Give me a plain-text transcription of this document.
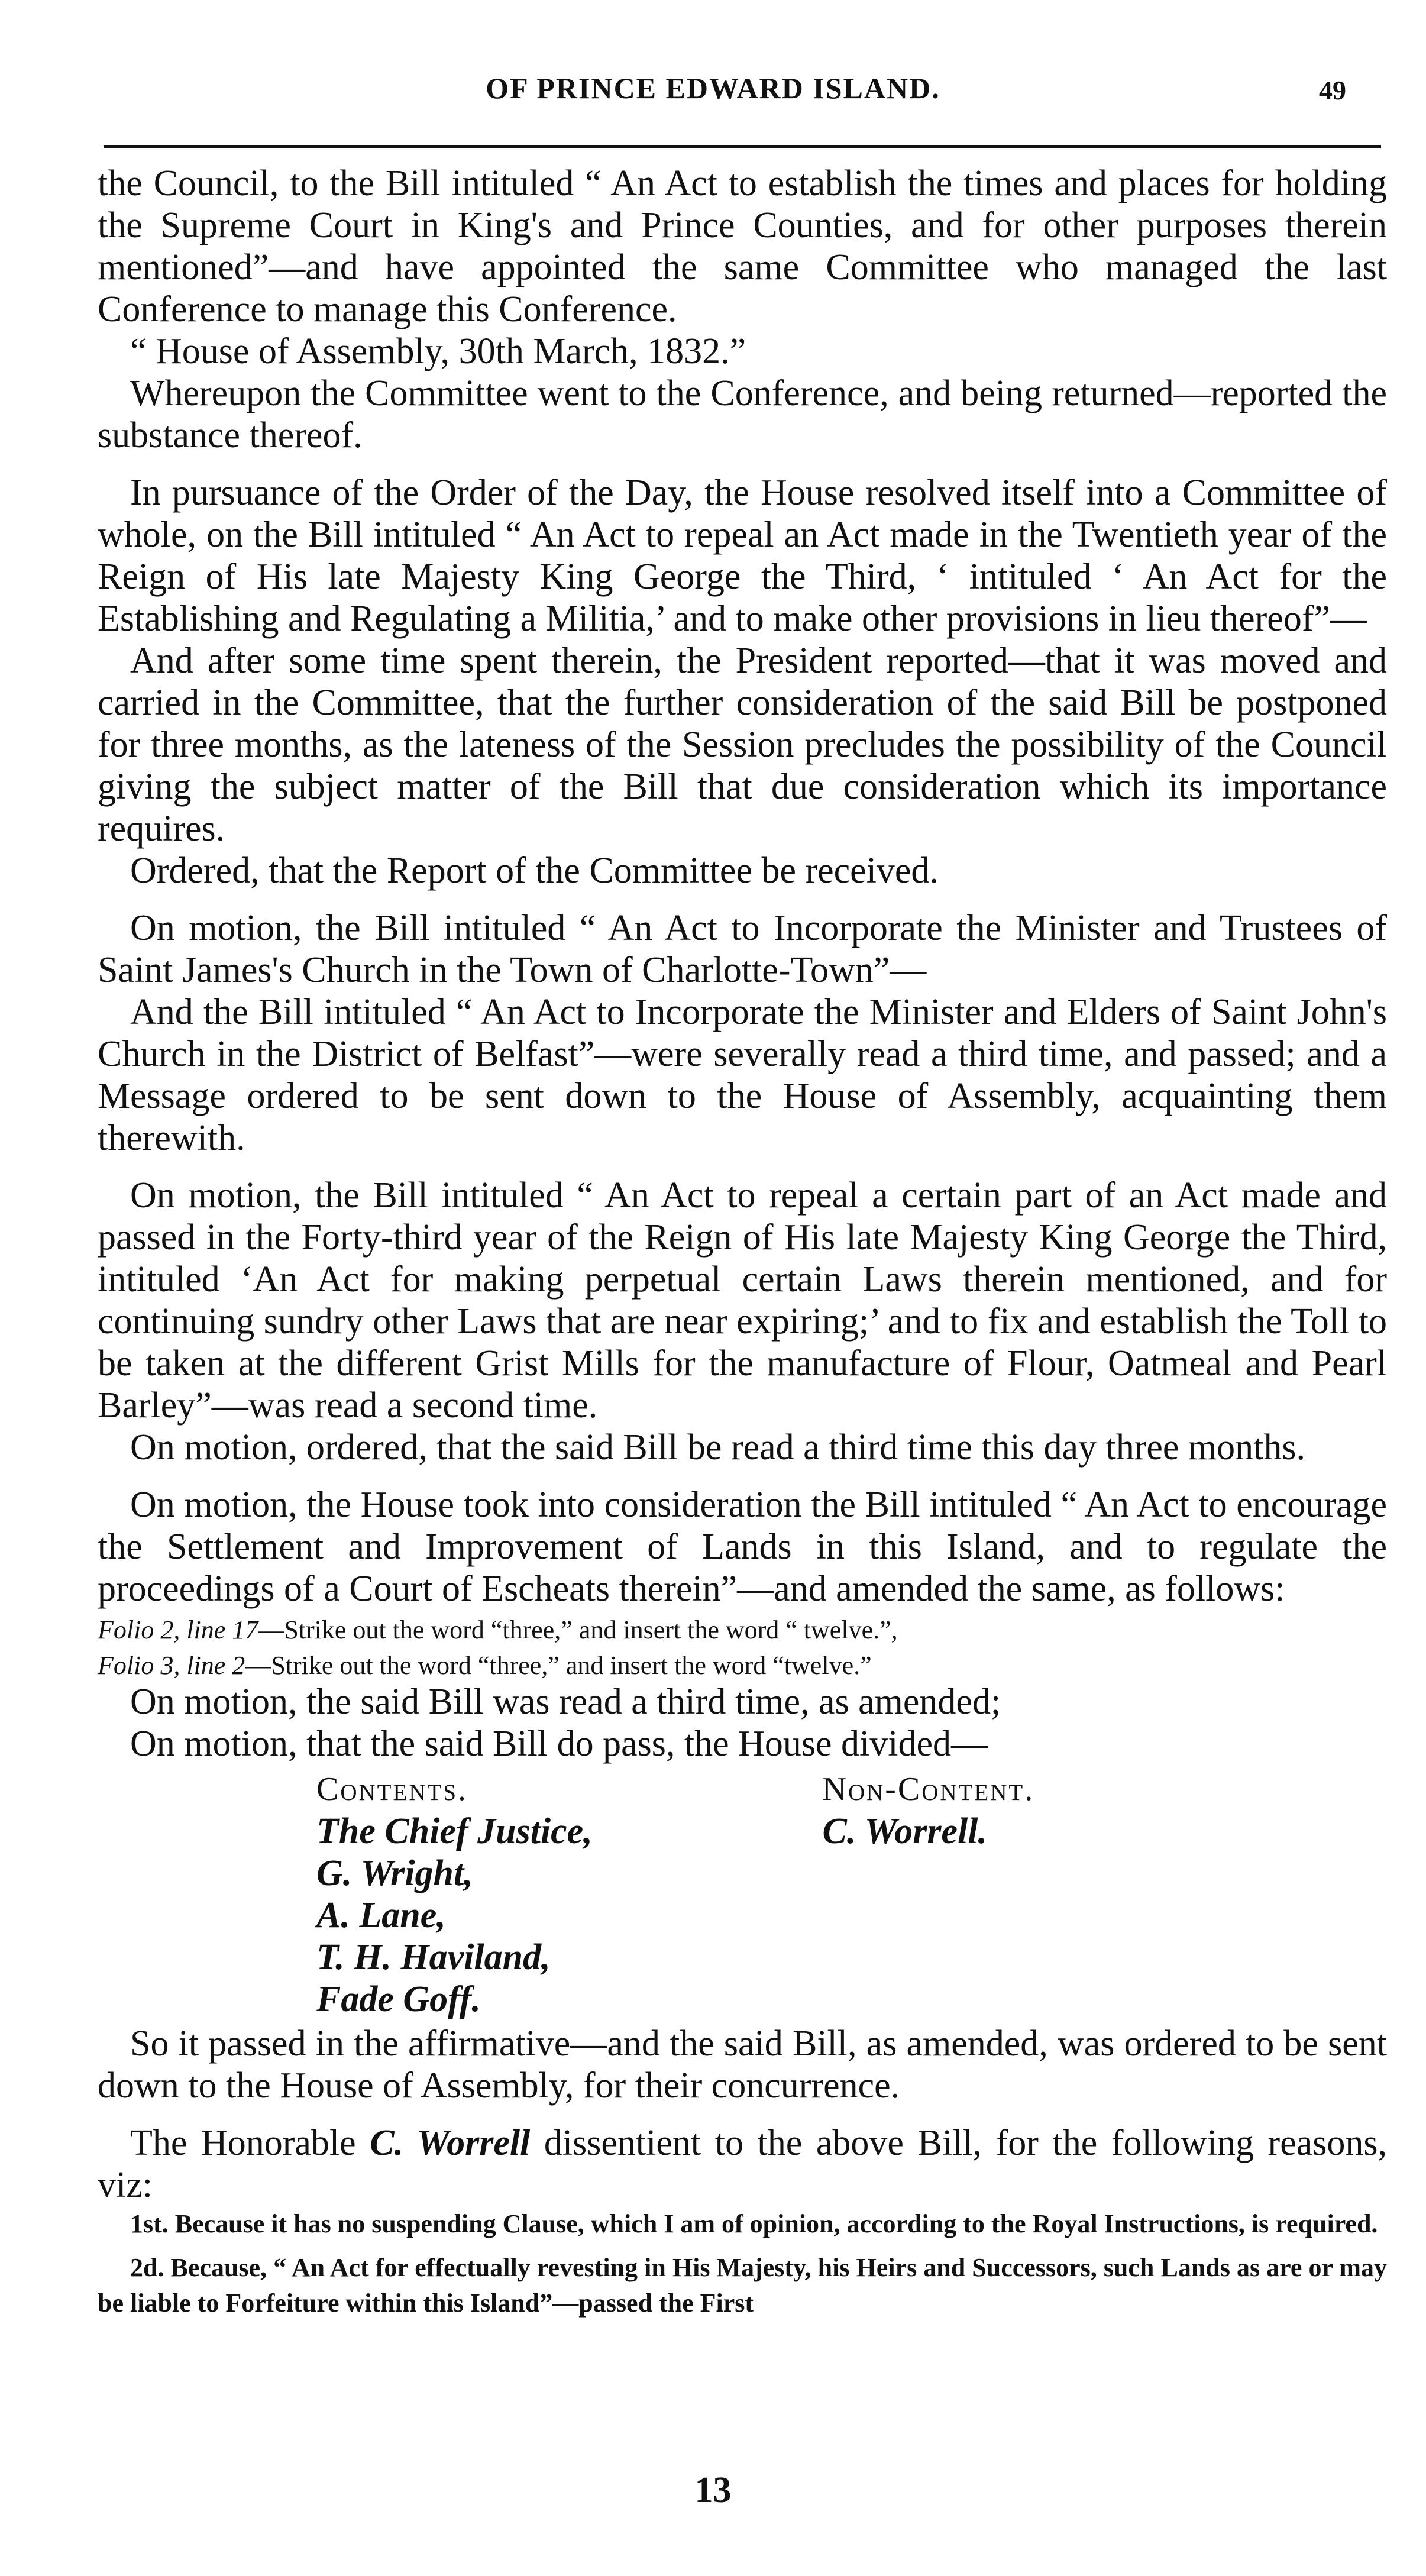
OF PRINCE EDWARD ISLAND.	49

the Council, to the Bill intituled “ An Act to establish the times and places for holding the Supreme Court in King's and Prince Counties, and for other purposes therein mentioned”—and have appointed the same Committee who managed the last Conference to manage this Conference.

“ House of Assembly, 30th March, 1832.”

Whereupon the Committee went to the Conference, and being returned—reported the substance thereof.

In pursuance of the Order of the Day, the House resolved itself into a Committee of whole, on the Bill intituled “ An Act to repeal an Act made in the Twentieth year of the Reign of His late Majesty King George the Third, ‘ intituled ‘ An Act for the Establishing and Regulating a Militia,’ and to make other provisions in lieu thereof”—

And after some time spent therein, the President reported—that it was moved and carried in the Committee, that the further consideration of the said Bill be postponed for three months, as the lateness of the Session precludes the possibility of the Council giving the subject matter of the Bill that due consideration which its importance requires.

Ordered, that the Report of the Committee be received.

On motion, the Bill intituled “ An Act to Incorporate the Minister and Trustees of Saint James's Church in the Town of Charlotte-Town”—

And the Bill intituled “ An Act to Incorporate the Minister and Elders of Saint John's Church in the District of Belfast”—were severally read a third time, and passed; and a Message ordered to be sent down to the House of Assembly, acquainting them therewith.

On motion, the Bill intituled “ An Act to repeal a certain part of an Act made and passed in the Forty-third year of the Reign of His late Majesty King George the Third, intituled ‘An Act for making perpetual certain Laws therein mentioned, and for continuing sundry other Laws that are near expiring;’ and to fix and establish the Toll to be taken at the different Grist Mills for the manufacture of Flour, Oatmeal and Pearl Barley”—was read a second time.

On motion, ordered, that the said Bill be read a third time this day three months.

On motion, the House took into consideration the Bill intituled “ An Act to encourage the Settlement and Improvement of Lands in this Island, and to regulate the proceedings of a Court of Escheats therein”—and amended the same, as follows:

Folio 2, line 17—Strike out the word “three,” and insert the word “ twelve.”,

Folio 3, line 2—Strike out the word “three,” and insert the word “twelve.”

On motion, the said Bill was read a third time, as amended;

On motion, that the said Bill do pass, the House divided—

Contents.
The Chief Justice,
G. Wright,
A. Lane,
T. H. Haviland,
Fade Goff.

Non-Content.
C. Worrell.

So it passed in the affirmative—and the said Bill, as amended, was ordered to be sent down to the House of Assembly, for their concurrence.

The Honorable C. Worrell dissentient to the above Bill, for the following reasons, viz:

1st. Because it has no suspending Clause, which I am of opinion, according to the Royal Instructions, is required.

2d. Because, “ An Act for effectually revesting in His Majesty, his Heirs and Successors, such Lands as are or may be liable to Forfeiture within this Island”—passed the First

13
